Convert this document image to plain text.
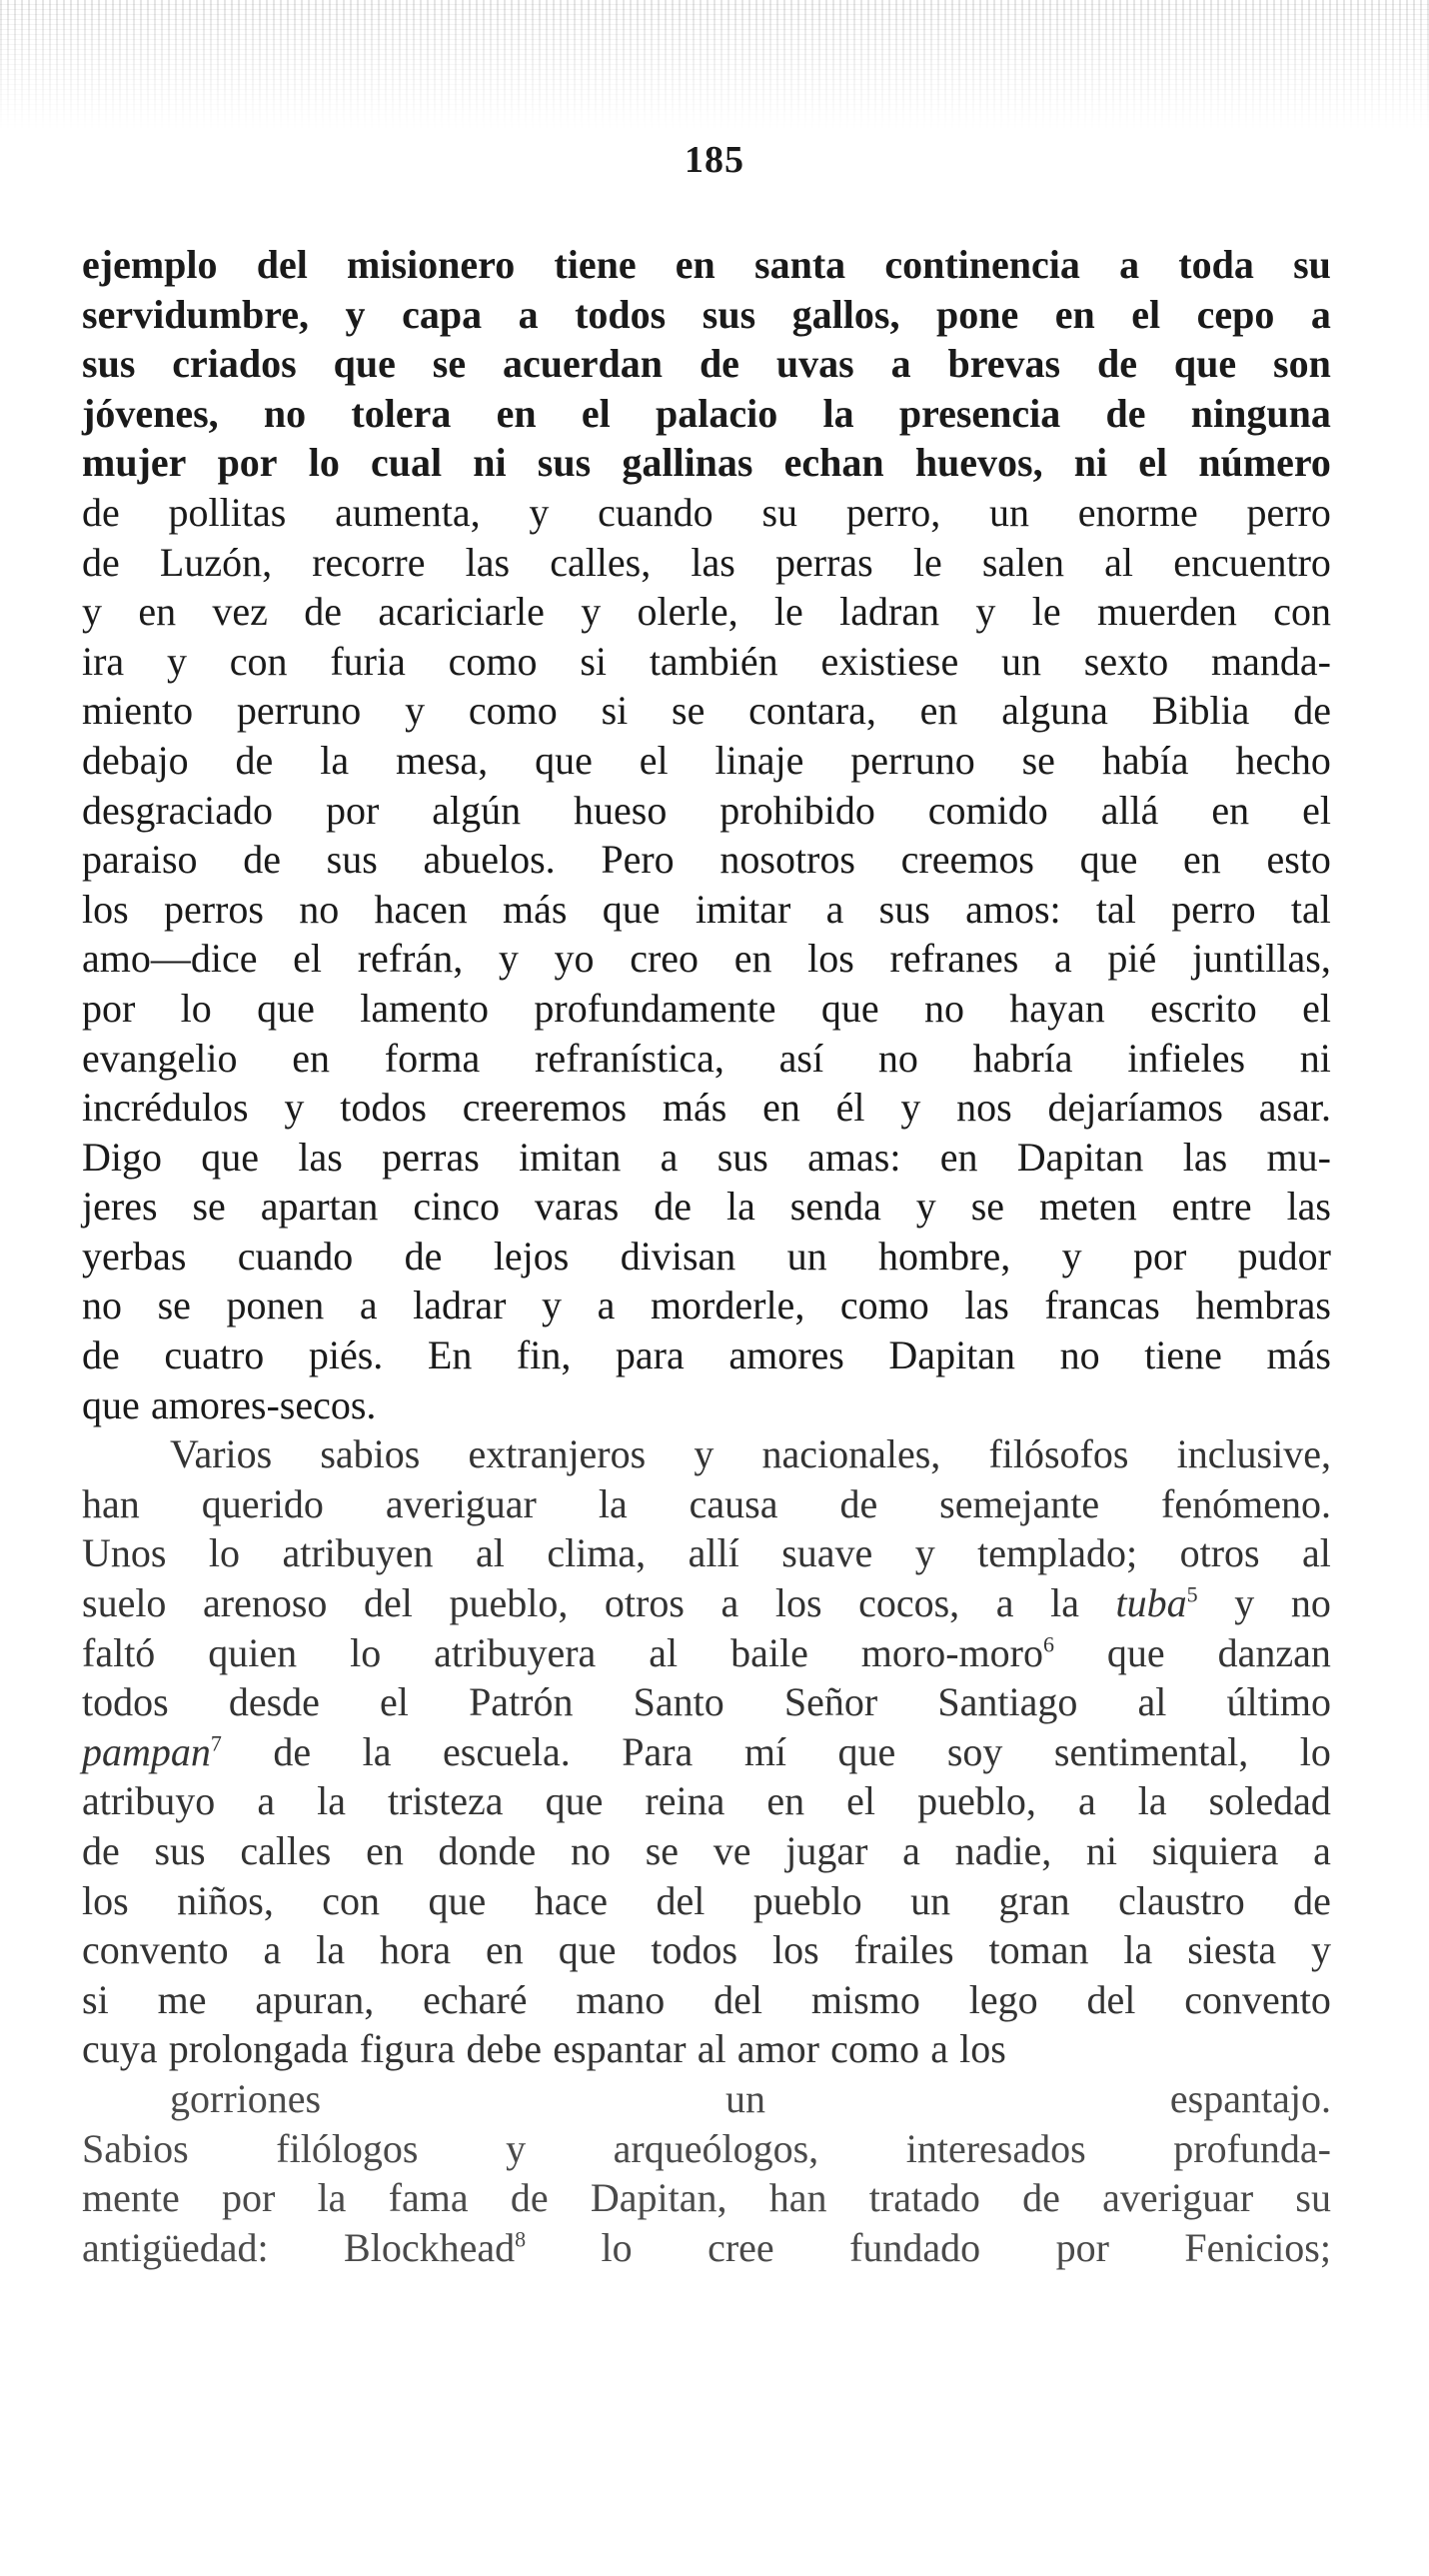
185
ejemplo del misionero tiene en santa continencia a toda su
servidumbre, y capa a todos sus gallos, pone en el cepo a
sus criados que se acuerdan de uvas a brevas de que son
jóvenes, no tolera en el palacio la presencia de ninguna
mujer por lo cual ni sus gallinas echan huevos, ni el número
de pollitas aumenta, y cuando su perro, un enorme perro
de Luzón, recorre las calles, las perras le salen al encuentro
y en vez de acariciarle y olerle, le ladran y le muerden con
ira y con furia como si también existiese un sexto manda-
miento perruno y como si se contara, en alguna Biblia de
debajo de la mesa, que el linaje perruno se había hecho
desgraciado por algún hueso prohibido comido allá en el
paraiso de sus abuelos. Pero nosotros creemos que en esto
los perros no hacen más que imitar a sus amos: tal perro tal
amo—dice el refrán, y yo creo en los refranes a pié juntillas,
por lo que lamento profundamente que no hayan escrito el
evangelio en forma refranística, así no habría infieles ni
incrédulos y todos creeremos más en él y nos dejaríamos asar.
Digo que las perras imitan a sus amas: en Dapitan las mu-
jeres se apartan cinco varas de la senda y se meten entre las
yerbas cuando de lejos divisan un hombre, y por pudor
no se ponen a ladrar y a morderle, como las francas hembras
de cuatro piés. En fin, para amores Dapitan no tiene más
que amores-secos.
Varios sabios extranjeros y nacionales, filósofos inclusive,
han querido averiguar la causa de semejante fenómeno.
Unos lo atribuyen al clima, allí suave y templado; otros al
suelo arenoso del pueblo, otros a los cocos, a la tuba$^5$ y no
faltó quien lo atribuyera al baile moro-moro$^6$ que danzan
todos desde el Patrón Santo Señor Santiago al último
pampan$^7$ de la escuela. Para mí que soy sentimental, lo
atribuyo a la tristeza que reina en el pueblo, a la soledad
de sus calles en donde no se ve jugar a nadie, ni siquiera a
los niños, con que hace del pueblo un gran claustro de
convento a la hora en que todos los frailes toman la siesta y
si me apuran, echaré mano del mismo lego del convento
cuya prolongada figura debe espantar al amor como a los
gorriones	un	espantajo.
Sabios filólogos y arqueólogos, interesados profunda-
mente por la fama de Dapitan, han tratado de averiguar su
antigüedad: Blockhead$^8$ lo cree fundado por Fenicios;
